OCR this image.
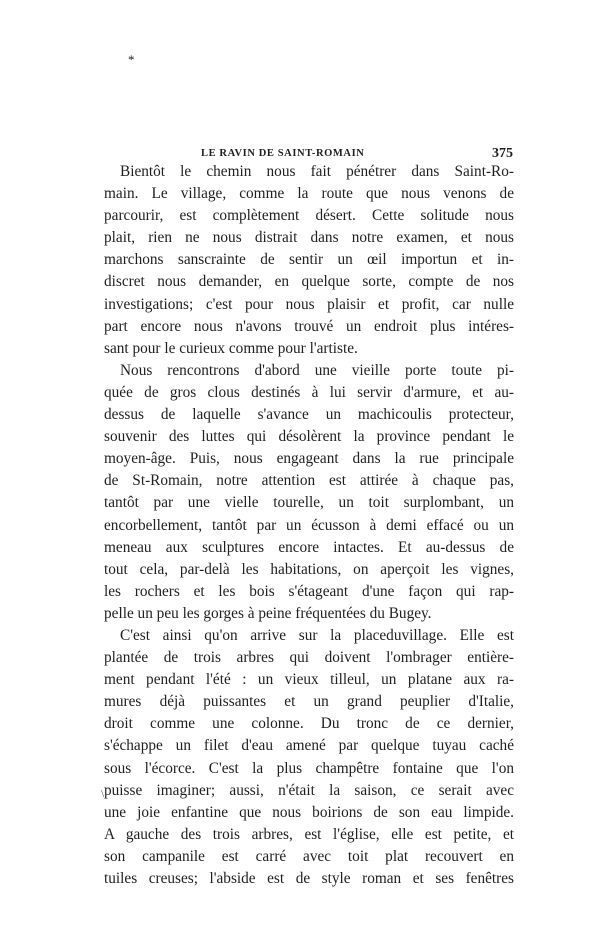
*
LE RAVIN DE SAINT-ROMAIN	375
Bientôt le chemin nous fait pénétrer dans Saint-Ro-
main. Le village, comme la route que nous venons de
parcourir, est complètement désert. Cette solitude nous
plait, rien ne nous distrait dans notre examen, et nous
marchons sanscrainte de sentir un œil importun et in-
discret nous demander, en quelque sorte, compte de nos
investigations; c'est pour nous plaisir et profit, car nulle
part encore nous n'avons trouvé un endroit plus intéres-
sant pour le curieux comme pour l'artiste.
Nous rencontrons d'abord une vieille porte toute pi-
quée de gros clous destinés à lui servir d'armure, et au-
dessus de laquelle s'avance un machicoulis protecteur,
souvenir des luttes qui désolèrent la province pendant le
moyen-âge. Puis, nous engageant dans la rue principale
de St-Romain, notre attention est attirée à chaque pas,
tantôt par une vielle tourelle, un toit surplombant, un
encorbellement, tantôt par un écusson à demi effacé ou un
meneau aux sculptures encore intactes. Et au-dessus de
tout cela, par-delà les habitations, on aperçoit les vignes,
les rochers et les bois s'étageant d'une façon qui rap-
pelle un peu les gorges à peine fréquentées du Bugey.
C'est ainsi qu'on arrive sur la placeduvillage. Elle est
plantée de trois arbres qui doivent l'ombrager entière-
ment pendant l'été : un vieux tilleul, un platane aux ra-
mures déjà puissantes et un grand peuplier d'Italie,
droit comme une colonne. Du tronc de ce dernier,
s'échappe un filet d'eau amené par quelque tuyau caché
sous l'écorce. C'est la plus champêtre fontaine que l'on
puisse imaginer; aussi, n'était la saison, ce serait avec
une joie enfantine que nous boirions de son eau limpide.
A gauche des trois arbres, est l'église, elle est petite, et
son campanile est carré avec toit plat recouvert en
tuiles creuses; l'abside est de style roman et ses fenêtres
\
